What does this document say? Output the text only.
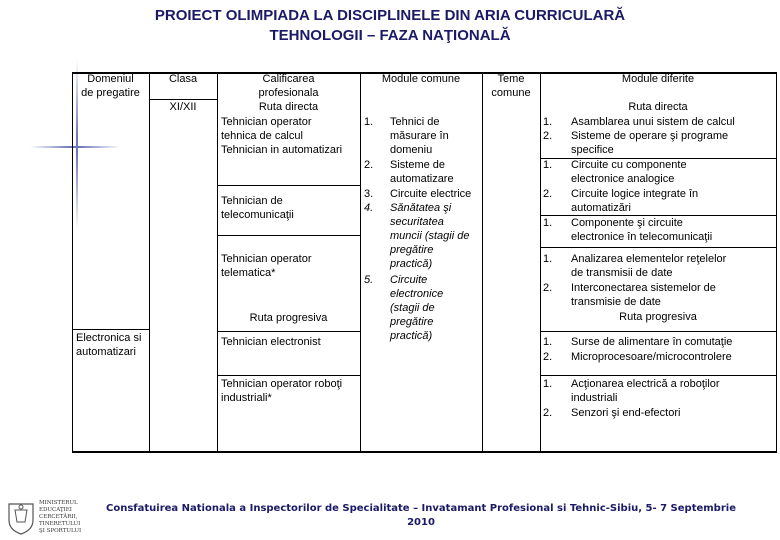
PROIECT OLIMPIADA LA DISCIPLINELE DIN ARIA CURRICULARĂ
TEHNOLOGII – FAZA NAŢIONALĂ
Domeniul
de pregatire
Clasa
XI/XII
Calificarea
profesionala
Module comune	Teme
comune
Module diferite
Ruta directa	Ruta directa
Electronica si
automatizari
Tehnician operator
tehnica de calcul
Tehnician in automatizari
Tehnician de
telecomunicaţii
Tehnician operator
telematica*
Ruta progresiva
Tehnician electronist
Tehnician operator roboţi
industriali*
1. Tehnici de
măsurare în
domeniu
2. Sisteme de
automatizare
3. Circuite electrice
4. Sănătatea şi
securitatea
muncii (stagii de
pregătire
practică)
5. Circuite
electronice
(stagii de
pregătire
practică)
1. Asamblarea unui sistem de calcul
2. Sisteme de operare şi programe
specifice
1. Circuite cu componente
electronice analogice
2. Circuite logice integrate în
automatizări
1. Componente şi circuite
electronice în telecomunicaţii
1. Analizarea elementelor reţelelor
de transmisii de date
2. Interconectarea sistemelor de
transmisie de date
Ruta progresiva
1. Surse de alimentare în comutaţie
2. Microprocesoare/microcontrolere
1. Acţionarea electrică a roboţilor
industriali
2. Senzori şi end-efectori
MINISTERUL
EDUCAŢIEI
CERCETĂRII,
TINERETULUI
ŞI SPORTULUI
Consfatuirea Nationala a Inspectorilor de Specialitate – Invatamant Profesional si Tehnic-Sibiu, 5- 7 Septembrie
2010
